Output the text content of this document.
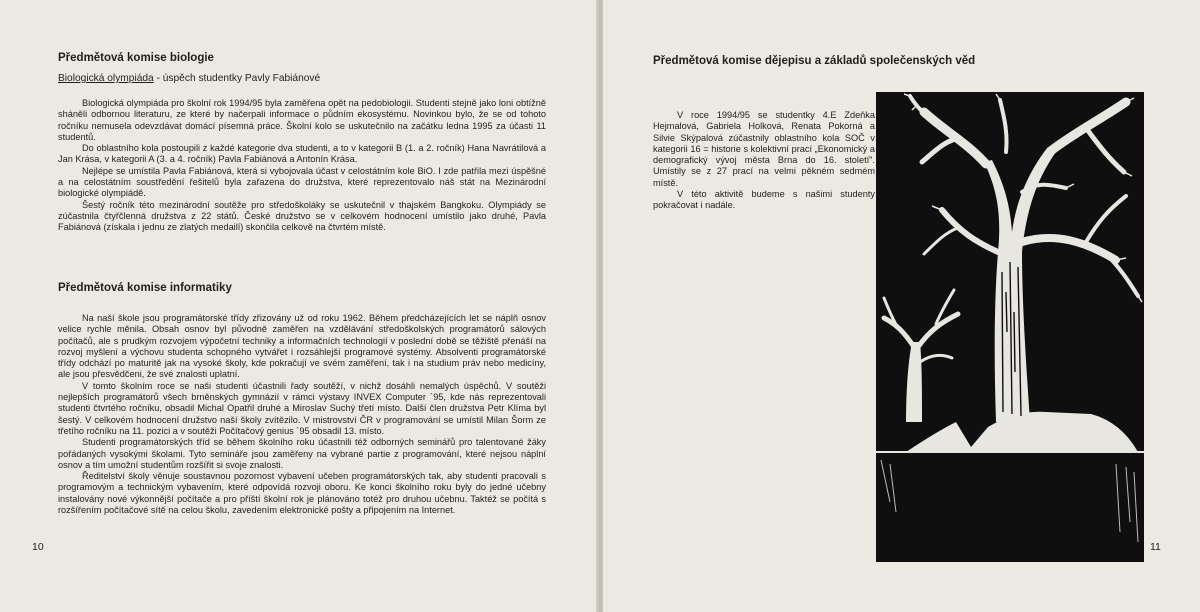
Předmětová komise biologie
Biologická olympiáda - úspěch studentky Pavly Fabiánové

Biologická olympiáda pro školní rok 1994/95 byla zaměřena opět na pedobiologii. Studenti stejně jako loni obtížně sháněli odbornou literaturu, ze které by načerpali informace o půdním ekosystému. Novinkou bylo, že se od tohoto ročníku nemusela odevzdávat domácí písemná práce. Školní kolo se uskutečnilo na začátku ledna 1995 za účasti 11 studentů.

Do oblastního kola postoupili z každé kategorie dva studenti, a to v kategorii B (1. a 2. ročník) Hana Navrátilová a Jan Krása, v kategorii A (3. a 4. ročník) Pavla Fabiánová a Antonín Krása.

Nejlépe se umístila Pavla Fabiánová, která si vybojovala účast v celostátním kole BiO. I zde patřila mezi úspěšné a na celostátním soustředění řešitelů byla zařazena do družstva, které reprezentovalo náš stát na Mezinárodní biologické olympiádě.

Šestý ročník této mezinárodní soutěže pro středoškoláky se uskutečnil v thajském Bangkoku. Olympiády se zúčastnila čtyřčlenná družstva z 22 států. České družstvo se v celkovém hodnocení umístilo jako druhé, Pavla Fabiánová (získala i jednu ze zlatých medailí) skončila celkově na čtvrtém místě.

Předmětová komise informatiky

Na naší škole jsou programátorské třídy zřizovány už od roku 1962. Během předcházejících let se náplň osnov velice rychle měnila. Obsah osnov byl původně zaměřen na vzdělávání středoškolských programátorů sálových počítačů, ale s prudkým rozvojem výpočetní techniky a informačních technologií v poslední době se těžiště přenáší na rozvoj myšlení a výchovu studenta schopného vytvářet i rozsáhlejší programové systémy. Absolventi programátorské třídy odchází po maturitě jak na vysoké školy, kde pokračují ve svém zaměření, tak i na studium práv nebo medicíny, ale jsou přesvědčeni, že své znalosti uplatní.

V tomto školním roce se naši studenti účastnili řady soutěží, v nichž dosáhli nemalých úspěchů. V soutěži nejlepších programátorů všech brněnských gymnázií v rámci výstavy INVEX Computer ´95, kde nás reprezentovali studenti čtvrtého ročníku, obsadil Michal Opatřil druhé a Miroslav Suchý třetí místo. Další člen družstva Petr Klíma byl šestý. V celkovém hodnocení družstvo naší školy zvítězilo. V mistrovství ČR v programování se umístil Milan Šorm ze třetího ročníku na 11. pozici a v soutěži Počítačový genius ´95 obsadil 13. místo.

Studenti programátorských tříd se během školního roku účastnili též odborných seminářů pro talentované žáky pořádaných vysokými školami. Tyto semináře jsou zaměřeny na vybrané partie z programování, které nejsou náplní osnov a tím umožní studentům rozšířit si svoje znalosti.

Ředitelství školy věnuje soustavnou pozornost vybavení učeben programátorských tak, aby studenti pracovali s programovým a technickým vybavením, které odpovídá rozvoji oboru. Ke konci školního roku byly do jedné učebny instalovány nové výkonnější počítače a pro příští školní rok je plánováno totéž pro druhou učebnu. Taktéž se počítá s rozšířením počítačové sítě na celou školu, zavedením elektronické pošty a připojením na Internet.

10
Předmětová komise dějepisu a základů společenských věd

V roce 1994/95 se studentky 4.E Zdeňka Hejmalová, Gabriela Holková, Renata Pokorná a Silvie Skýpalová zúčastnily oblastního kola SOČ v kategorii 16 = historie s kolektivní prací „Ekonomický a demografický vývoj města Brna do 16. století". Umístily se z 27 prací na velmi pěkném sedmém místě.

V této aktivitě budeme s našimi studenty pokračovat i nadále.

11
